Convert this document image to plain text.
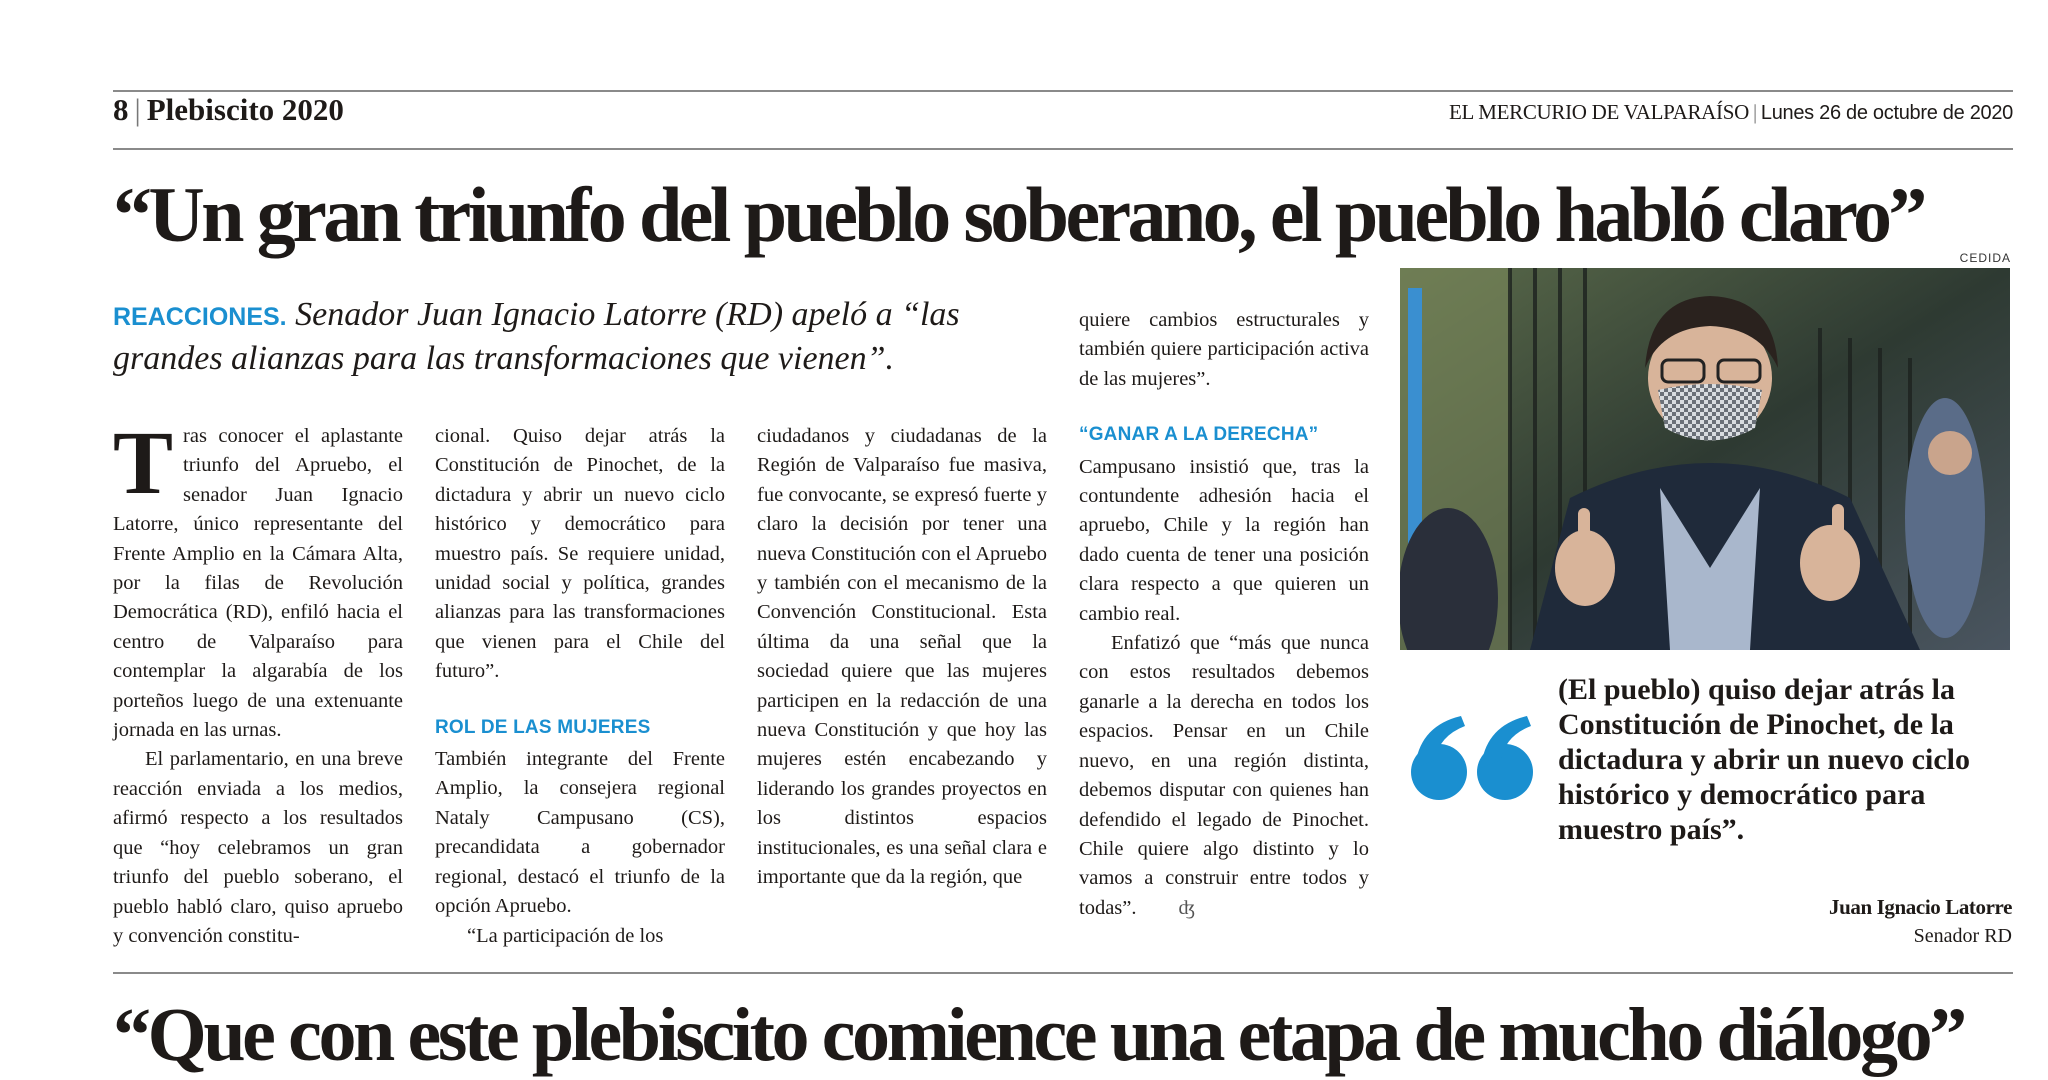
8 | Plebiscito 2020	EL MERCURIO DE VALPARAÍSO | Lunes 26 de octubre de 2020
“Un gran triunfo del pueblo soberano, el pueblo habló claro”	CEDIDA
REACCIONES. Senador Juan Ignacio Latorre (RD) apeló a “las grandes alianzas para las transformaciones que vienen”.
T ras conocer el aplastante triunfo del Apruebo, el senador Juan Ignacio Latorre, único representante del Frente Amplio en la Cámara Alta, por la filas de Revolución Democrática (RD), enfiló hacia el centro de Valparaíso para contemplar la algarabía de los porteños luego de una extenuante jornada en las urnas.

El parlamentario, en una breve reacción enviada a los medios, afirmó respecto a los resultados que “hoy celebramos un gran triunfo del pueblo soberano, el pueblo habló claro, quiso apruebo y convención constitu-

cional. Quiso dejar atrás la Constitución de Pinochet, de la dictadura y abrir un nuevo ciclo histórico y democrático para muestro país. Se requiere unidad, unidad social y política, grandes alianzas para las transformaciones que vienen para el Chile del futuro”.

ROL DE LAS MUJERES

También integrante del Frente Amplio, la consejera regional Nataly Campusano (CS), precandidata a gobernador regional, destacó el triunfo de la opción Apruebo.

“La participación de los

ciudadanos y ciudadanas de la Región de Valparaíso fue masiva, fue convocante, se expresó fuerte y claro la decisión por tener una nueva Constitución con el Apruebo y también con el mecanismo de la Convención Constitucional. Esta última da una señal que la sociedad quiere que las mujeres participen en la redacción de una nueva Constitución y que hoy las mujeres estén encabezando y liderando los grandes proyectos en los distintos espacios institucionales, es una señal clara e importante que da la región, que

quiere cambios estructurales y también quiere participación activa de las mujeres”.

“GANAR A LA DERECHA”

Campusano insistió que, tras la contundente adhesión hacia el apruebo, Chile y la región han dado cuenta de tener una posición clara respecto a que quieren un cambio real.

Enfatizó que “más que nunca con estos resultados debemos ganarle a la derecha en todos los espacios. Pensar en un Chile nuevo, en una región distinta, debemos disputar con quienes han defendido el legado de Pinochet. Chile quiere algo distinto y lo vamos a construir entre todos y todas”. ʤ

(El pueblo) quiso dejar atrás la Constitución de Pinochet, de la dictadura y abrir un nuevo ciclo histórico y democrático para muestro país”.
Juan Ignacio Latorre
Senador RD
“Que con este plebiscito comience una etapa de mucho diálogo”
